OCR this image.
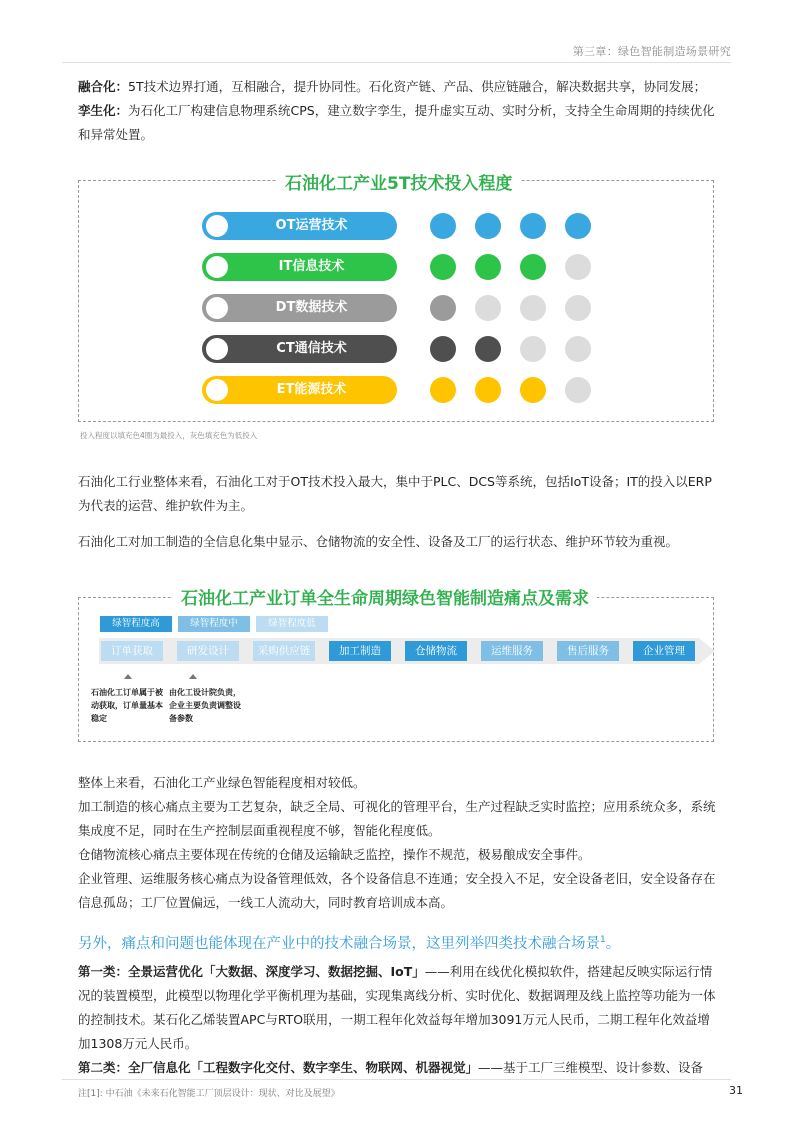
第三章：绿色智能制造场景研究

融合化：5T技术边界打通，互相融合，提升协同性。石化资产链、产品、供应链融合，解决数据共享，协同发展；
孪生化：为石化工厂构建信息物理系统CPS，建立数字孪生，提升虚实互动、实时分析，支持全生命周期的持续优化和异常处置。

石油化工产业5T技术投入程度
OT运营技术
IT信息技术
DT数据技术
CT通信技术
ET能源技术
投入程度以填充色4圈为最投入，灰色填充色为低投入

石油化工行业整体来看，石油化工对于OT技术投入最大，集中于PLC、DCS等系统，包括IoT设备；IT的投入以ERP为代表的运营、维护软件为主。

石油化工对加工制造的全信息化集中显示、仓储物流的安全性、设备及工厂的运行状态、维护环节较为重视。

石油化工产业订单全生命周期绿色智能制造痛点及需求
绿智程度高	绿智程度中	绿智程度低
订单获取	研发设计	采购供应链	加工制造	仓储物流	运维服务	售后服务	企业管理
石油化工订单属于被动获取，订单量基本稳定
由化工设计院负责，企业主要负责调整设备参数

整体上来看，石油化工产业绿色智能程度相对较低。
加工制造的核心痛点主要为工艺复杂，缺乏全局、可视化的管理平台，生产过程缺乏实时监控；应用系统众多，系统集成度不足，同时在生产控制层面重视程度不够，智能化程度低。
仓储物流核心痛点主要体现在传统的仓储及运输缺乏监控，操作不规范，极易酿成安全事件。
企业管理、运维服务核心痛点为设备管理低效，各个设备信息不连通；安全投入不足，安全设备老旧，安全设备存在信息孤岛；工厂位置偏远，一线工人流动大，同时教育培训成本高。

另外，痛点和问题也能体现在产业中的技术融合场景，这里列举四类技术融合场景$^1$。

第一类：全景运营优化「大数据、深度学习、数据挖掘、IoT」——利用在线优化模拟软件，搭建起反映实际运行情况的装置模型，此模型以物理化学平衡机理为基础，实现集离线分析、实时优化、数据调理及线上监控等功能为一体的控制技术。某石化乙烯装置APC与RTO联用，一期工程年化效益每年增加3091万元人民币，二期工程年化效益增加1308万元人民币。
第二类：全厂信息化「工程数字化交付、数字孪生、物联网、机器视觉」——基于工厂三维模型、设计参数、设备

注[1]: 中石油《未来石化智能工厂顶层设计：现状、对比及展望》	31
